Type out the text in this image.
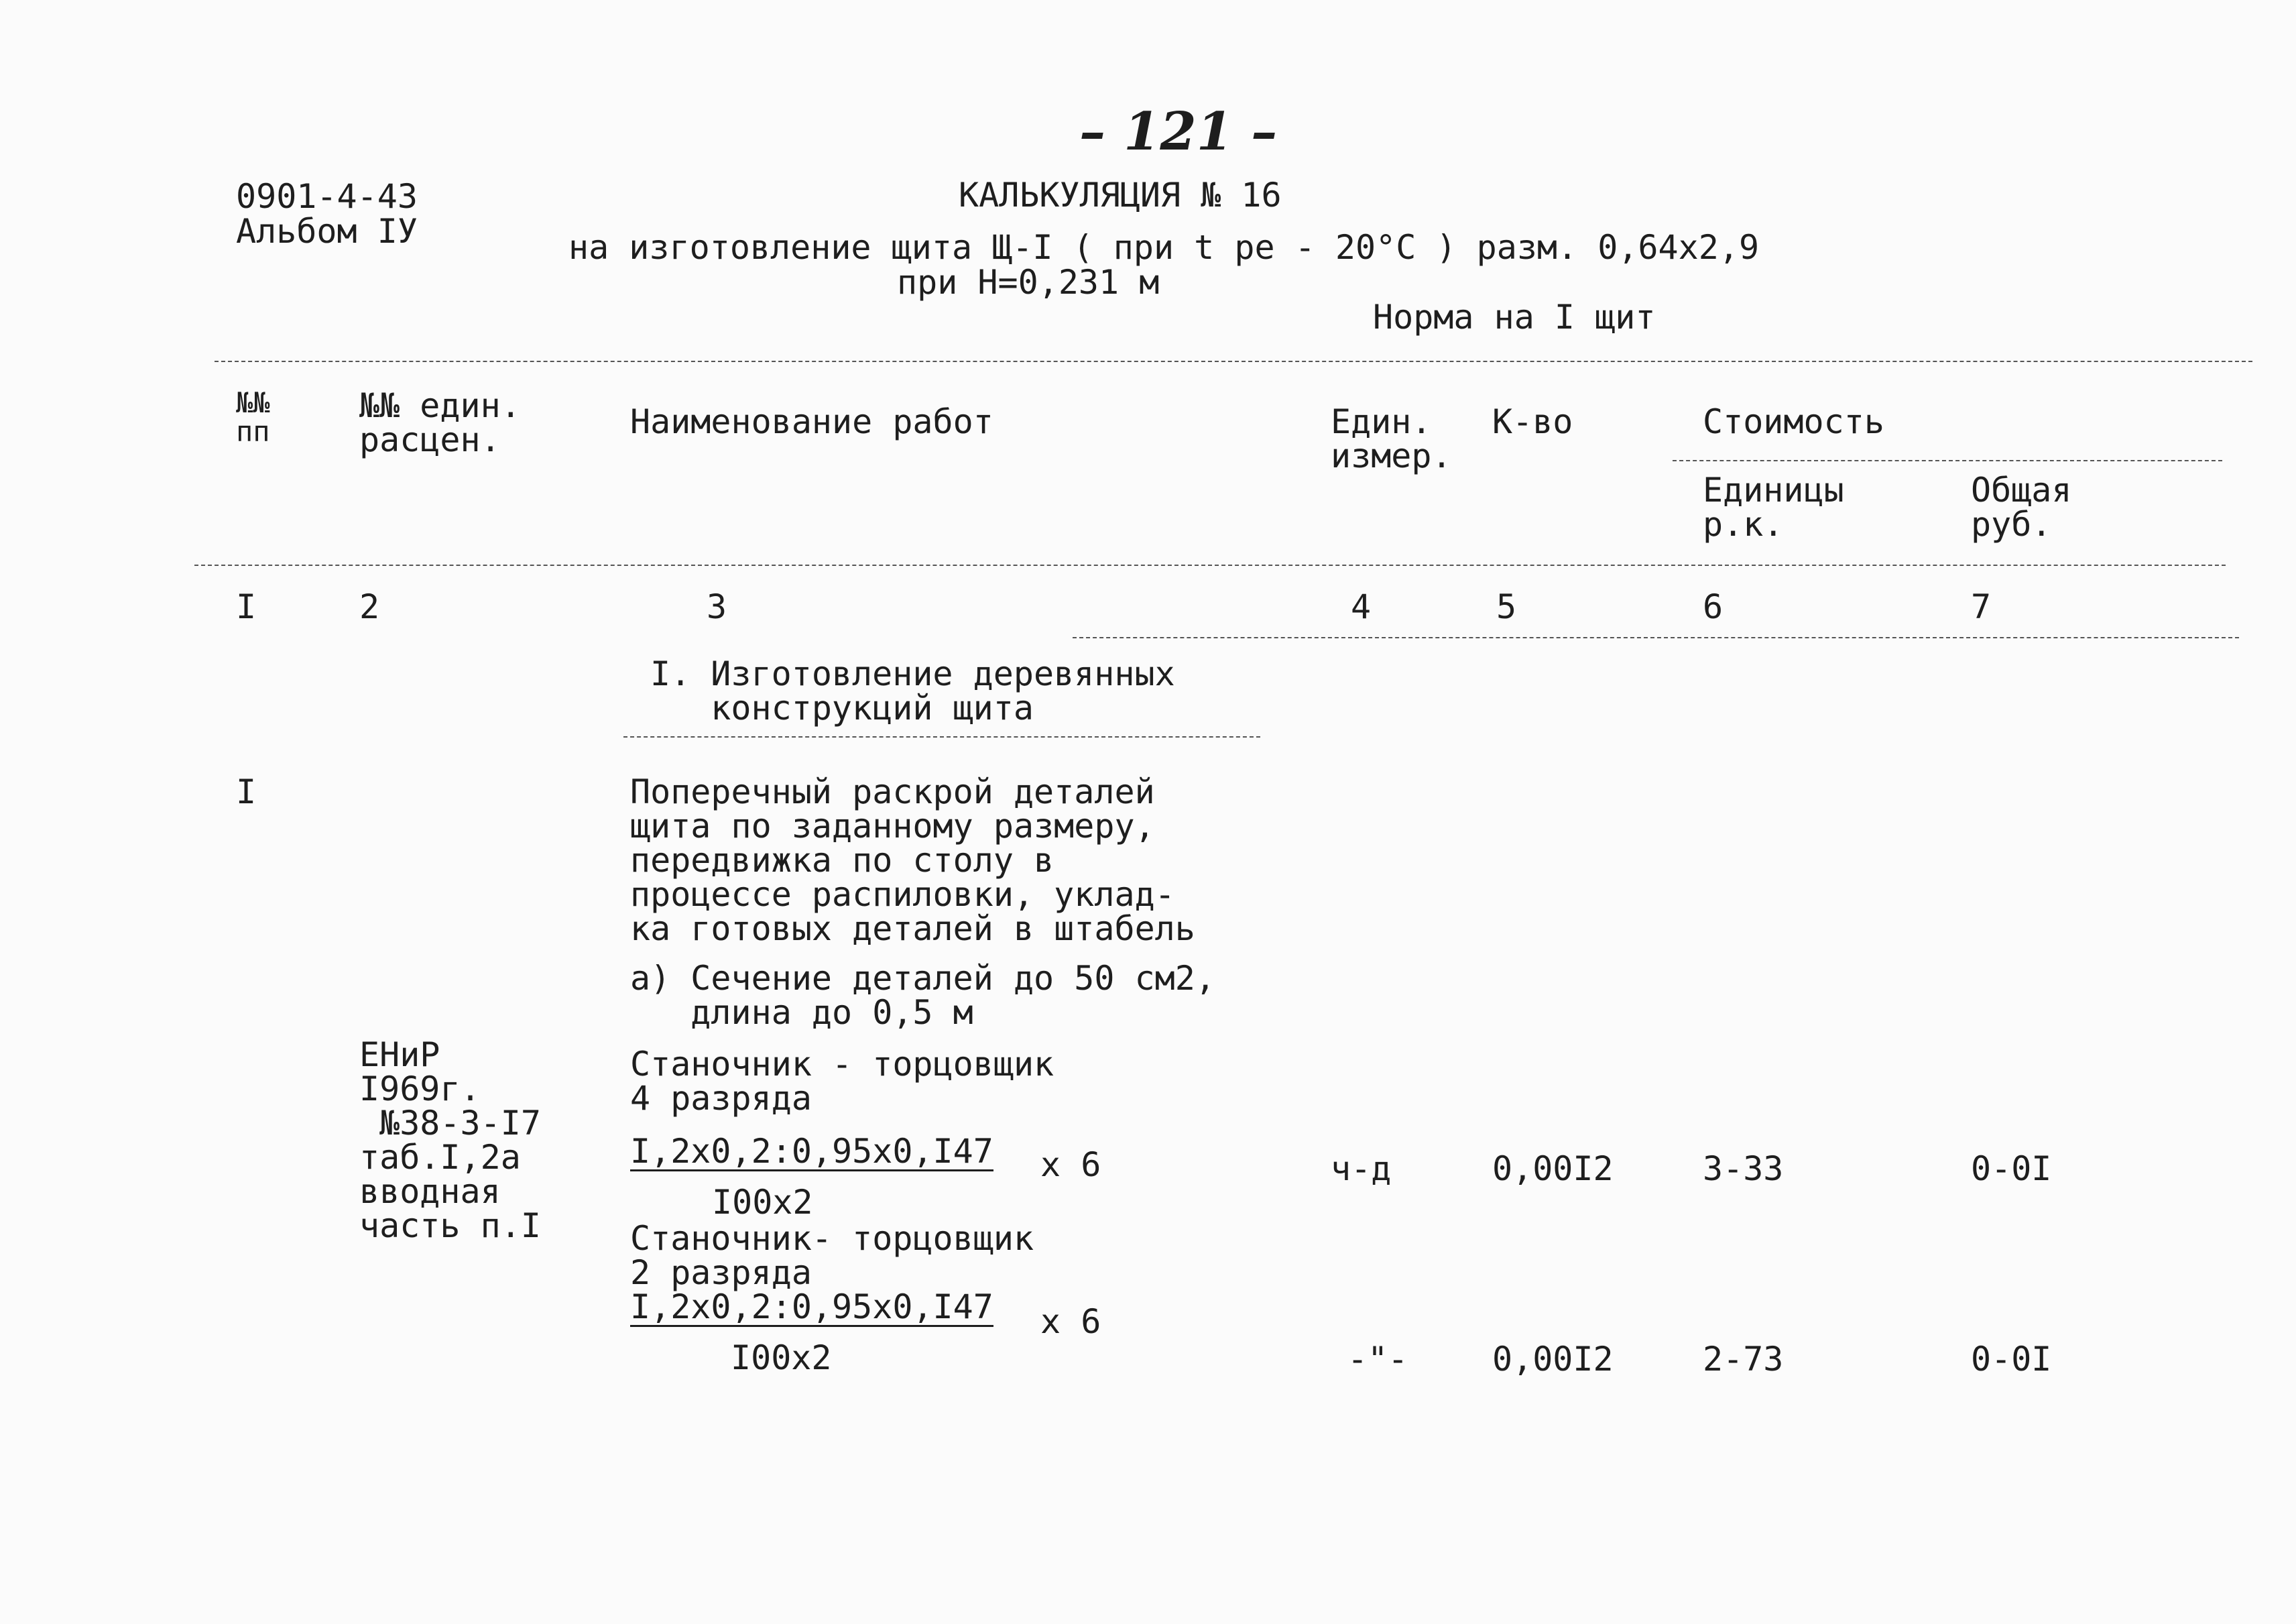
– 121 –
0901-4-43
Альбом IУ
КАЛЬКУЛЯЦИЯ № 16
на изготовление щита Щ-I ( при t рe - 20°C ) разм. 0,64х2,9
при Н=0,231 м
Норма на I щит
№№
пп
№№ един.
расцен.	Наименование работ	Един.
измер.
К-во	Стоимость
Единицы
р.к.
Общая
руб.
I	2	3	4	5	6	7
I. Изготовление деревянных
конструкций щита
I	Поперечный раскрой деталей
щита по заданному размеру,
передвижка по столу в
процессе распиловки, уклад-
ка готовых деталей в штабель
а) Сечение деталей до 50 см2,
длина до 0,5 м
ЕНиР
I969г.
№38-3-I7
таб.I,2а
вводная
часть п.I
Станочник - торцовщик
4 разряда
I,2х0,2:0,95х0,I47 х 6
I00х2
ч-д	0,00I2	3-33	0-0I
Станочник- торцовщик
2 разряда
I,2х0,2:0,95х0,I47 х 6
I00х2	-"-	0,00I2	2-73	0-0I
